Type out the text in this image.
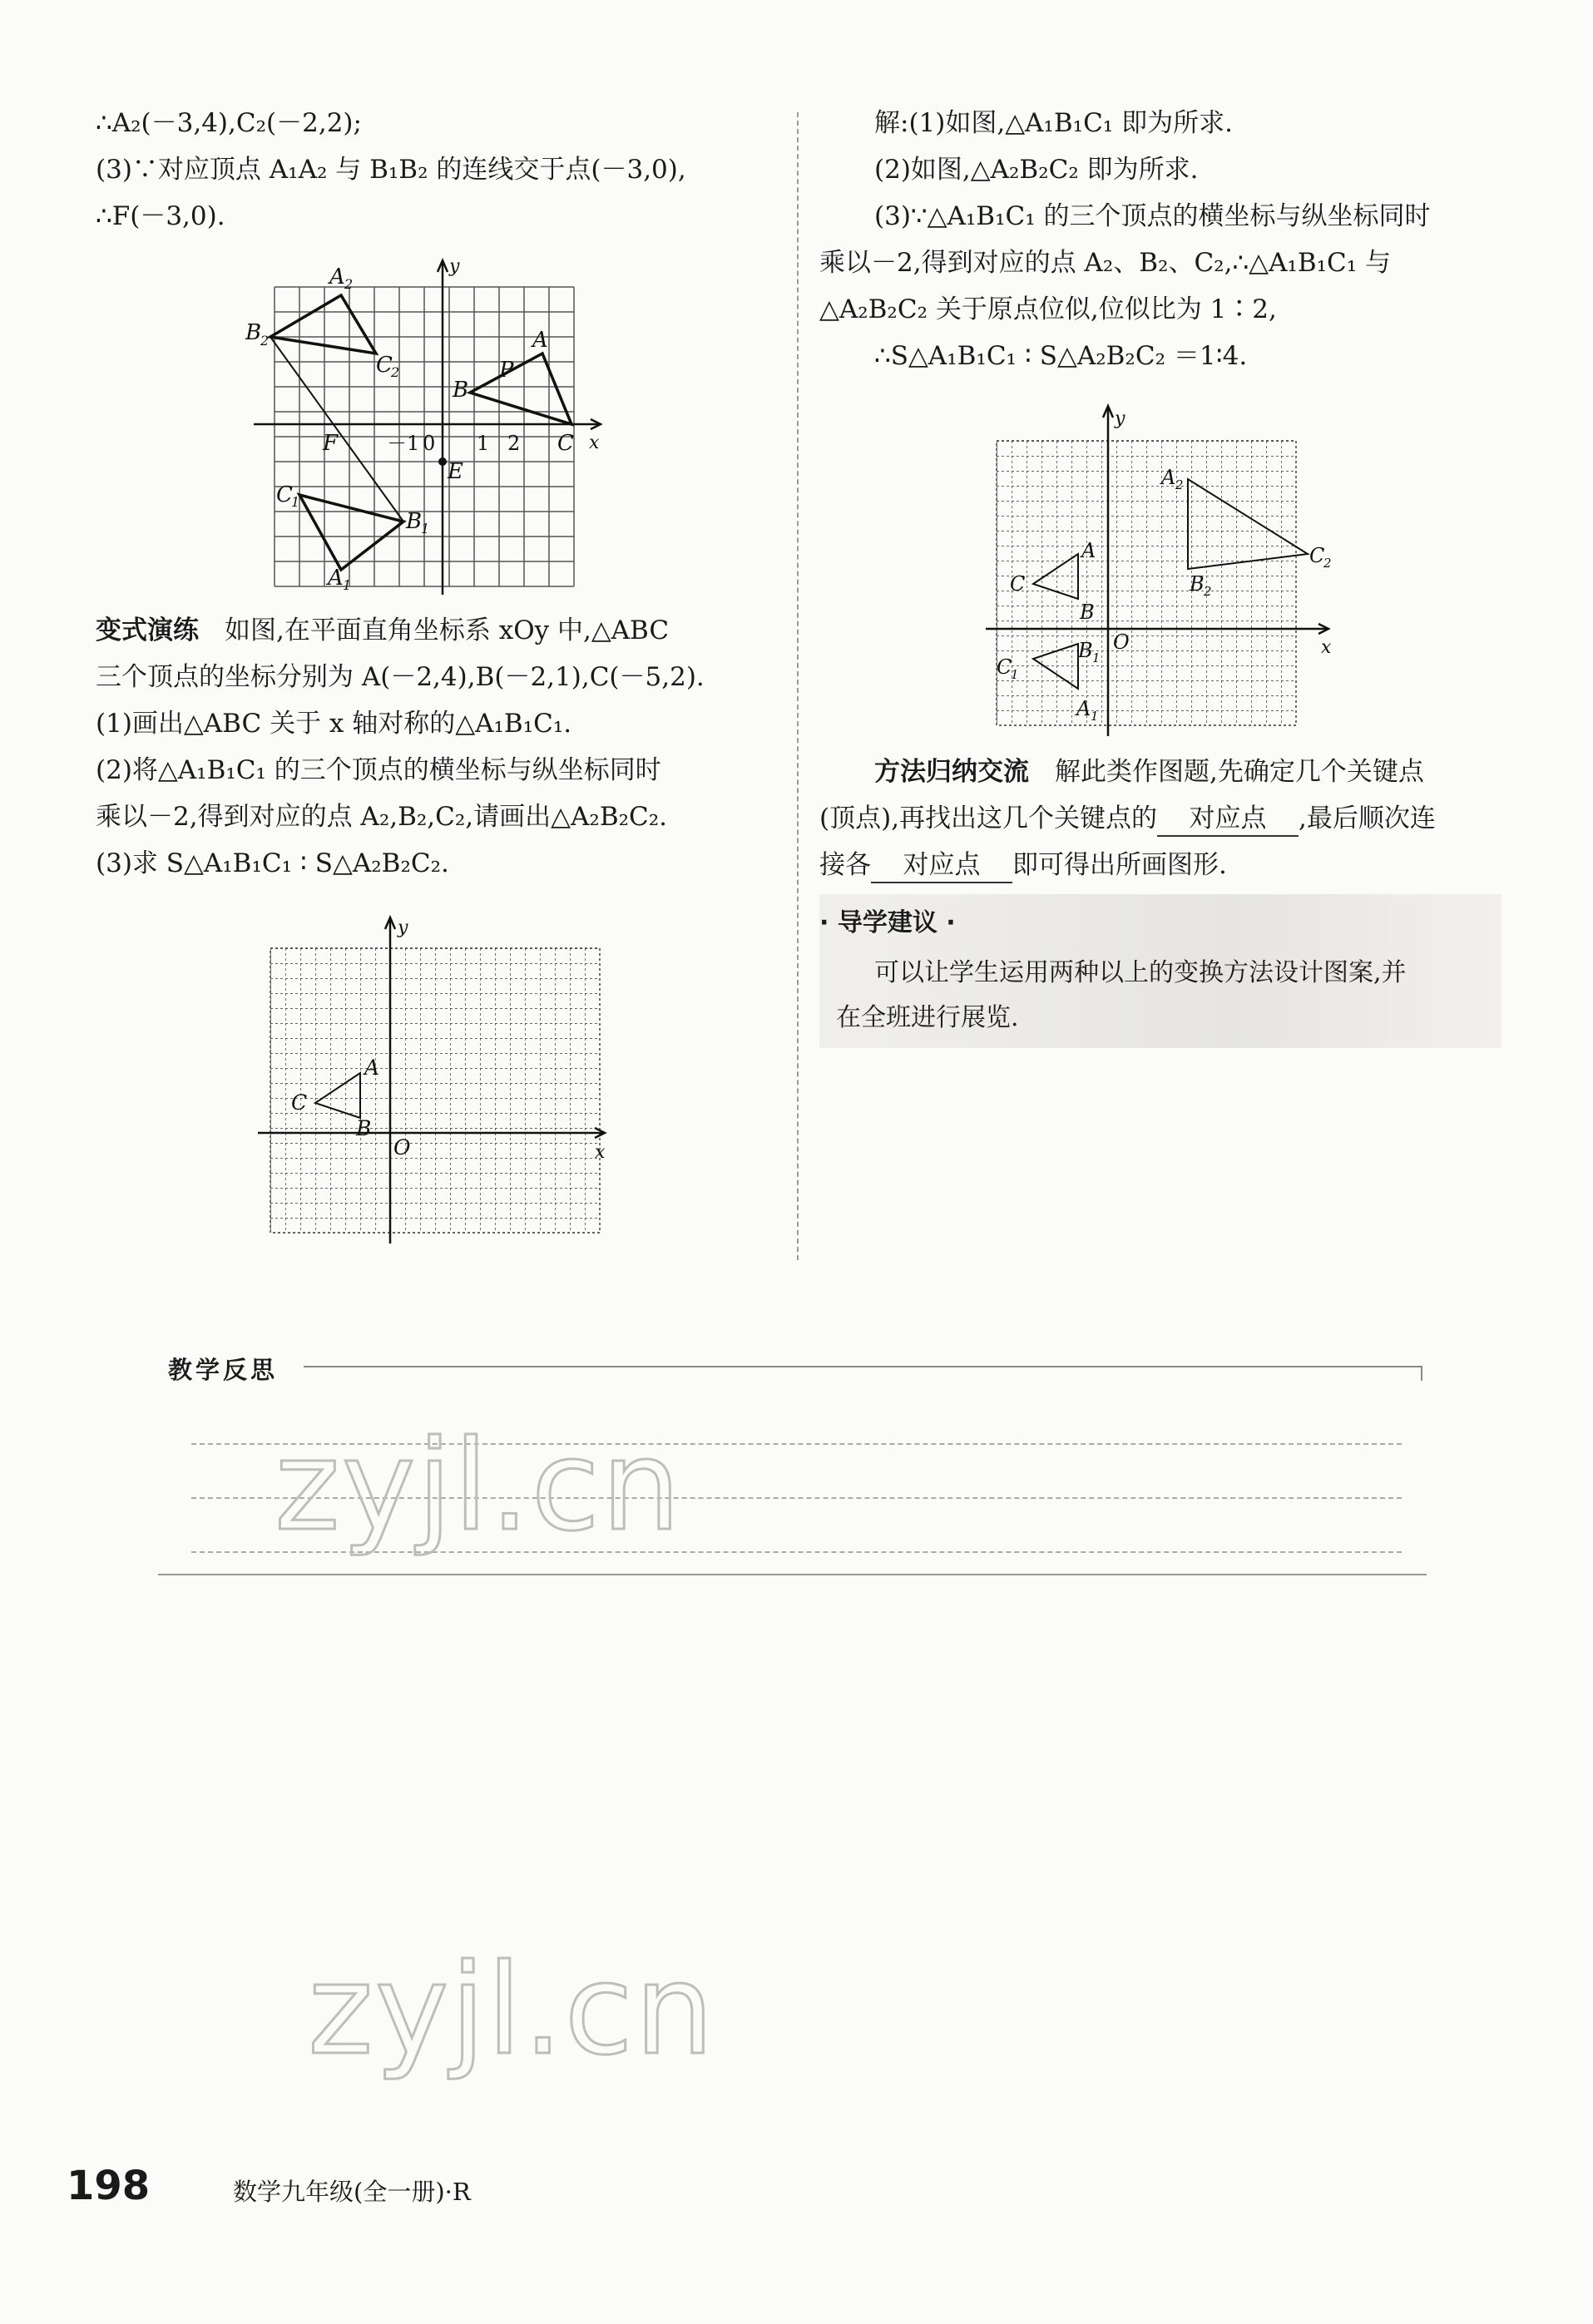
∴A₂(－3,4),C₂(－2,2);
(3)∵对应顶点 A₁A₂ 与 B₁B₂ 的连线交于点(－3,0),
∴F(－3,0).
变式演练　 如图,在平面直角坐标系 xOy 中,△ABC
三个顶点的坐标分别为 A(－2,4),B(－2,1),C(－5,2).
(1)画出△ABC 关于 x 轴对称的△A₁B₁C₁.
(2)将△A₁B₁C₁ 的三个顶点的横坐标与纵坐标同时
乘以－2,得到对应的点 A₂,B₂,C₂,请画出△A₂B₂C₂.
(3)求 S△A₁B₁C₁ ∶ S△A₂B₂C₂.
解:(1)如图,△A₁B₁C₁ 即为所求.
(2)如图,△A₂B₂C₂ 即为所求.
(3)∵△A₁B₁C₁ 的三个顶点的横坐标与纵坐标同时
乘以－2,得到对应的点 A₂、B₂、C₂,∴△A₁B₁C₁ 与
△A₂B₂C₂ 关于原点位似,位似比为 1∶2,
∴S△A₁B₁C₁ ∶ S△A₂B₂C₂ ＝1∶4.
方法归纳交流　 解此类作图题,先确定几个关键点
(顶点),再找出这几个关键点的 对应点 ,最后顺次连
接各 对应点 即可得出所画图形.
· 导学建议 ·
可以让学生运用两种以上的变换方法设计图案,并
在全班进行展览.
A 2
B
2
C
2
A
P
B
C x
y
F
E
－1 0 1 2
C
1
B
1
A 1
A
B
C
O	x
y
A 2
C
2
B 2
A
C
B
O	x
y
B 1
C
1
A 1
教学反思
zyjl.cn
zyjl.cn
198	数学九年级(全一册)·R
